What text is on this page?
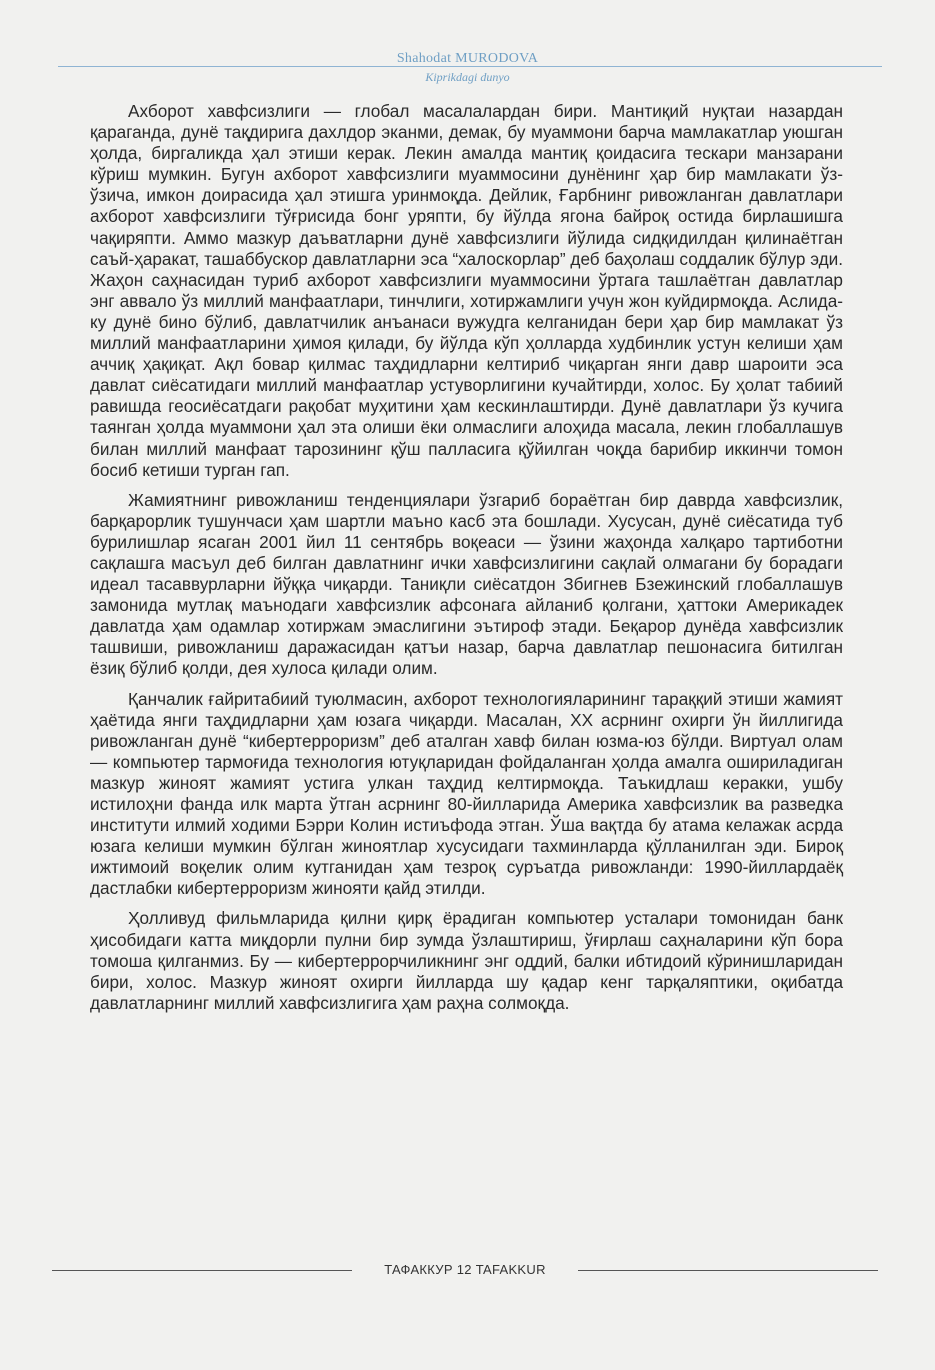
Shahodat MURODOVA
Kiprikdagi dunyo

Ахборот хавфсизлиги — глобал масалалардан бири. Мантиқий нуқтаи назардан қараганда, дунё тақдирига дахлдор эканми, демак, бу муаммони барча мамлакатлар уюшган ҳолда, биргаликда ҳал этиши керак. Лекин амалда мантиқ қоидасига тескари манзарани кўриш мумкин. Бугун ахборот хавфсизлиги муаммосини дунёнинг ҳар бир мамлакати ўз-ўзича, имкон доирасида ҳал этишга уринмоқда. Дейлик, Ғарбнинг ривожланган давлатлари ахборот хавфсизлиги тўғрисида бонг уряпти, бу йўлда ягона байроқ остида бирлашишга чақиряпти. Аммо мазкур даъватларни дунё хавфсизлиги йўлида сидқидилдан қилинаётган саъй-ҳаракат, ташаббускор давлатларни эса “халоскорлар” деб баҳолаш соддалик бўлур эди. Жаҳон саҳнасидан туриб ахборот хавфсизлиги муаммосини ўртага ташлаётган давлатлар энг аввало ўз миллий манфаатлари, тинчлиги, хотиржамлиги учун жон куйдирмоқда. Аслида-ку дунё бино бўлиб, давлатчилик анъанаси вужудга келганидан бери ҳар бир мамлакат ўз миллий манфаатларини ҳимоя қилади, бу йўлда кўп ҳолларда худбинлик устун келиши ҳам аччиқ ҳақиқат. Ақл бовар қилмас таҳдидларни келтириб чиқарган янги давр шароити эса давлат сиёсатидаги миллий манфаатлар устуворлигини кучайтирди, холос. Бу ҳолат табиий равишда геосиёсатдаги рақобат муҳитини ҳам кескинлаштирди. Дунё давлатлари ўз кучига таянган ҳолда муаммони ҳал эта олиши ёки олмаслиги алоҳида масала, лекин глобаллашув билан миллий манфаат тарозининг қўш палласига қўйилган чоқда барибир иккинчи томон босиб кетиши турган гап.

Жамиятнинг ривожланиш тенденциялари ўзгариб бораётган бир даврда хавфсизлик, барқарорлик тушунчаси ҳам шартли маъно касб эта бошлади. Хусусан, дунё сиёсатида туб бурилишлар ясаган 2001 йил 11 сентябрь воқеаси — ўзини жаҳонда халқаро тартиботни сақлашга масъул деб билган давлатнинг ички хавфсизлигини сақлай олмагани бу борадаги идеал тасаввурларни йўққа чиқарди. Таниқли сиёсатдон Збигнев Бзежинский глобаллашув замонида мутлақ маънодаги хавфсизлик афсонага айланиб қолгани, ҳаттоки Америкадек давлатда ҳам одамлар хотиржам эмаслигини эътироф этади. Беқарор дунёда хавфсизлик ташвиши, ривожланиш даражасидан қатъи назар, барча давлатлар пешонасига битилган ёзиқ бўлиб қолди, дея хулоса қилади олим.

Қанчалик ғайритабиий туюлмасин, ахборот технологияларининг тараққий этиши жамият ҳаётида янги таҳдидларни ҳам юзага чиқарди. Масалан, XX асрнинг охирги ўн йиллигида ривожланган дунё “кибертерроризм” деб аталган хавф билан юзма-юз бўлди. Виртуал олам — компьютер тармоғида технология ютуқларидан фойдаланган ҳолда амалга ошириладиган мазкур жиноят жамият устига улкан таҳдид келтирмоқда. Таъкидлаш керакки, ушбу истилоҳни фанда илк марта ўтган асрнинг 80-йилларида Америка хавфсизлик ва разведка институти илмий ходими Бэрри Колин истиъфода этган. Ўша вақтда бу атама келажак асрда юзага келиши мумкин бўлган жиноятлар хусусидаги тахминларда қўлланилган эди. Бироқ ижтимоий воқелик олим кутганидан ҳам тезроқ суръатда ривожланди: 1990-йиллардаёқ дастлабки кибертерроризм жинояти қайд этилди.

Ҳолливуд фильмларида қилни қирқ ёрадиган компьютер усталари томонидан банк ҳисобидаги катта миқдорли пулни бир зумда ўзлаштириш, ўғирлаш саҳналарини кўп бора томоша қилганмиз. Бу — кибертеррорчиликнинг энг оддий, балки ибтидоий кўринишларидан бири, холос. Мазкур жиноят охирги йилларда шу қадар кенг тарқаляптики, оқибатда давлатларнинг миллий хавфсизлигига ҳам раҳна солмоқда.

ТАФАККУР 12 TAFAKKUR
